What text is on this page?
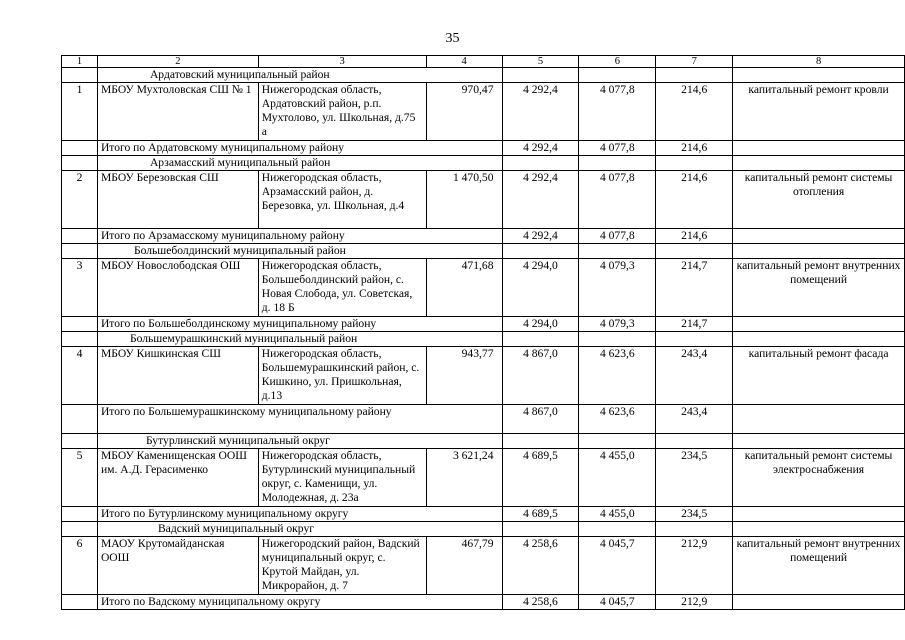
35
1	2	3	4	5	6	7	8
	Ардатовский муниципальный район						
1	МБОУ Мухтоловская СШ № 1	Нижегородская область, Ардатовский район, р.п. Мухтолово, ул. Школьная, д.75 а	970,47	4 292,4	4 077,8	214,6	капитальный ремонт кровли
	Итого по Ардатовскому муниципальному району			4 292,4	4 077,8	214,6	
	Арзамасский муниципальный район						
2	МБОУ Березовская СШ	Нижегородская область, Арзамасский район, д. Березовка, ул. Школьная, д.4	1 470,50	4 292,4	4 077,8	214,6	капитальный ремонт системы отопления
	Итого по Арзамасскому муниципальному району			4 292,4	4 077,8	214,6	
	Большеболдинский муниципальный район						
3	МБОУ Новослободская ОШ	Нижегородская область, Большеболдинский район, с. Новая Слобода, ул. Советская, д. 18 Б	471,68	4 294,0	4 079,3	214,7	капитальный ремонт внутренних помещений
	Итого по Большеболдинскому муниципальному району			4 294,0	4 079,3	214,7	
	Большемурашкинский муниципальный район						
4	МБОУ Кишкинская СШ	Нижегородская область, Большемурашкинский район, с. Кишкино, ул. Пришкольная, д.13	943,77	4 867,0	4 623,6	243,4	капитальный ремонт фасада
	Итого по Большемурашкинскому муниципальному району			4 867,0	4 623,6	243,4	
	Бутурлинский муниципальный округ						
5	МБОУ Каменищенская ООШ им. А.Д. Герасименко	Нижегородская область, Бутурлинский муниципальный округ, с. Каменищи, ул. Молодежная, д. 23а	3 621,24	4 689,5	4 455,0	234,5	капитальный ремонт системы электроснабжения
	Итого по Бутурлинскому муниципальному округу			4 689,5	4 455,0	234,5	
	Вадский муниципальный округ						
6	МАОУ Крутомайданская ООШ	Нижегородский район, Вадский муниципальный округ, с. Крутой Майдан, ул. Микрорайон, д. 7	467,79	4 258,6	4 045,7	212,9	капитальный ремонт внутренних помещений
	Итого по Вадскому муниципальному округу			4 258,6	4 045,7	212,9	
